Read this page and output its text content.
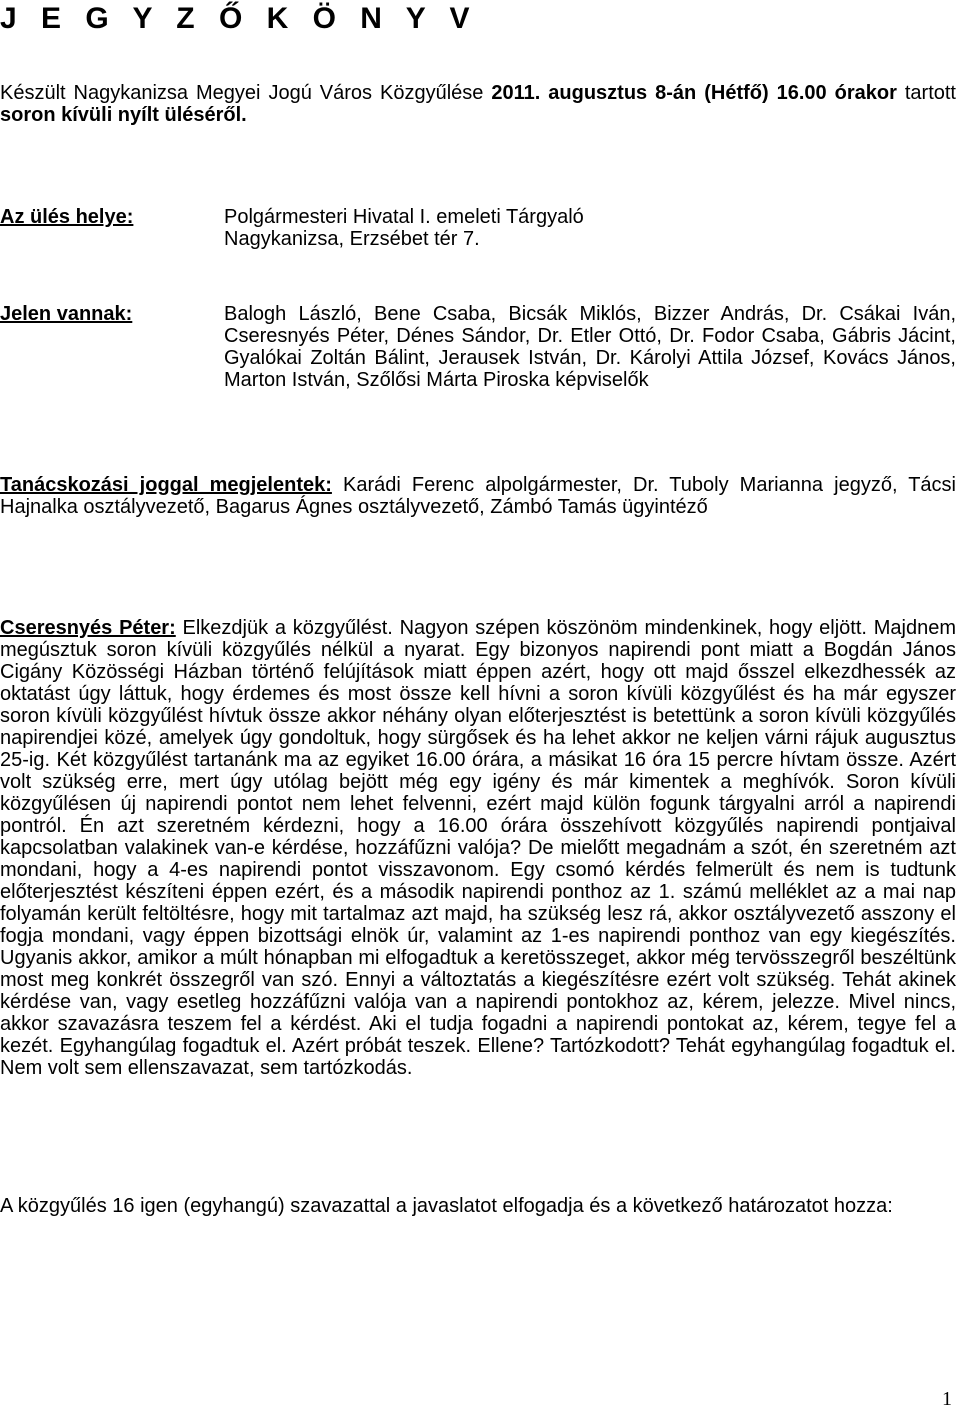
J E G Y Z Ő K Ö N Y V
Készült Nagykanizsa Megyei Jogú Város Közgyűlése 2011. augusztus 8-án (Hétfő) 16.00 órakor tartott soron kívüli nyílt üléséről.
Az ülés helye:	Polgármesteri Hivatal I. emeleti Tárgyaló Nagykanizsa, Erzsébet tér 7.
Jelen vannak:	Balogh László, Bene Csaba, Bicsák Miklós, Bizzer András, Dr. Csákai Iván, Cseresnyés Péter, Dénes Sándor, Dr. Etler Ottó, Dr. Fodor Csaba, Gábris Jácint, Gyalókai Zoltán Bálint, Jerausek István, Dr. Károlyi Attila József, Kovács János, Marton István, Szőlősi Márta Piroska képviselők
Tanácskozási joggal megjelentek: Karádi Ferenc alpolgármester, Dr. Tuboly Marianna jegyző, Tácsi Hajnalka osztályvezető, Bagarus Ágnes osztályvezető, Zámbó Tamás ügyintéző
Cseresnyés Péter: Elkezdjük a közgyűlést. Nagyon szépen köszönöm mindenkinek, hogy eljött. Majdnem megúsztuk soron kívüli közgyűlés nélkül a nyarat. Egy bizonyos napirendi pont miatt a Bogdán János Cigány Közösségi Házban történő felújítások miatt éppen azért, hogy ott majd ősszel elkezdhessék az oktatást úgy láttuk, hogy érdemes és most össze kell hívni a soron kívüli közgyűlést és ha már egyszer soron kívüli közgyűlést hívtuk össze akkor néhány olyan előterjesztést is betettünk a soron kívüli közgyűlés napirendjei közé, amelyek úgy gondoltuk, hogy sürgősek és ha lehet akkor ne keljen várni rájuk augusztus 25-ig. Két közgyűlést tartanánk ma az egyiket 16.00 órára, a másikat 16 óra 15 percre hívtam össze. Azért volt szükség erre, mert úgy utólag bejött még egy igény és már kimentek a meghívók. Soron kívüli közgyűlésen új napirendi pontot nem lehet felvenni, ezért majd külön fogunk tárgyalni arról a napirendi pontról. Én azt szeretném kérdezni, hogy a 16.00 órára összehívott közgyűlés napirendi pontjaival kapcsolatban valakinek van-e kérdése, hozzáfűzni valója? De mielőtt megadnám a szót, én szeretném azt mondani, hogy a 4-es napirendi pontot visszavonom. Egy csomó kérdés felmerült és nem is tudtunk előterjesztést készíteni éppen ezért, és a második napirendi ponthoz az 1. számú melléklet az a mai nap folyamán került feltöltésre, hogy mit tartalmaz azt majd, ha szükség lesz rá, akkor osztályvezető asszony el fogja mondani, vagy éppen bizottsági elnök úr, valamint az 1-es napirendi ponthoz van egy kiegészítés. Ugyanis akkor, amikor a múlt hónapban mi elfogadtuk a keretösszeget, akkor még tervösszegről beszéltünk most meg konkrét összegről van szó. Ennyi a változtatás a kiegészítésre ezért volt szükség. Tehát akinek kérdése van, vagy esetleg hozzáfűzni valója van a napirendi pontokhoz az, kérem, jelezze. Mivel nincs, akkor szavazásra teszem fel a kérdést. Aki el tudja fogadni a napirendi pontokat az, kérem, tegye fel a kezét. Egyhangúlag fogadtuk el. Azért próbát teszek. Ellene? Tartózkodott? Tehát egyhangúlag fogadtuk el. Nem volt sem ellenszavazat, sem tartózkodás.
A közgyűlés 16 igen (egyhangú) szavazattal a javaslatot elfogadja és a következő határozatot hozza:
1
